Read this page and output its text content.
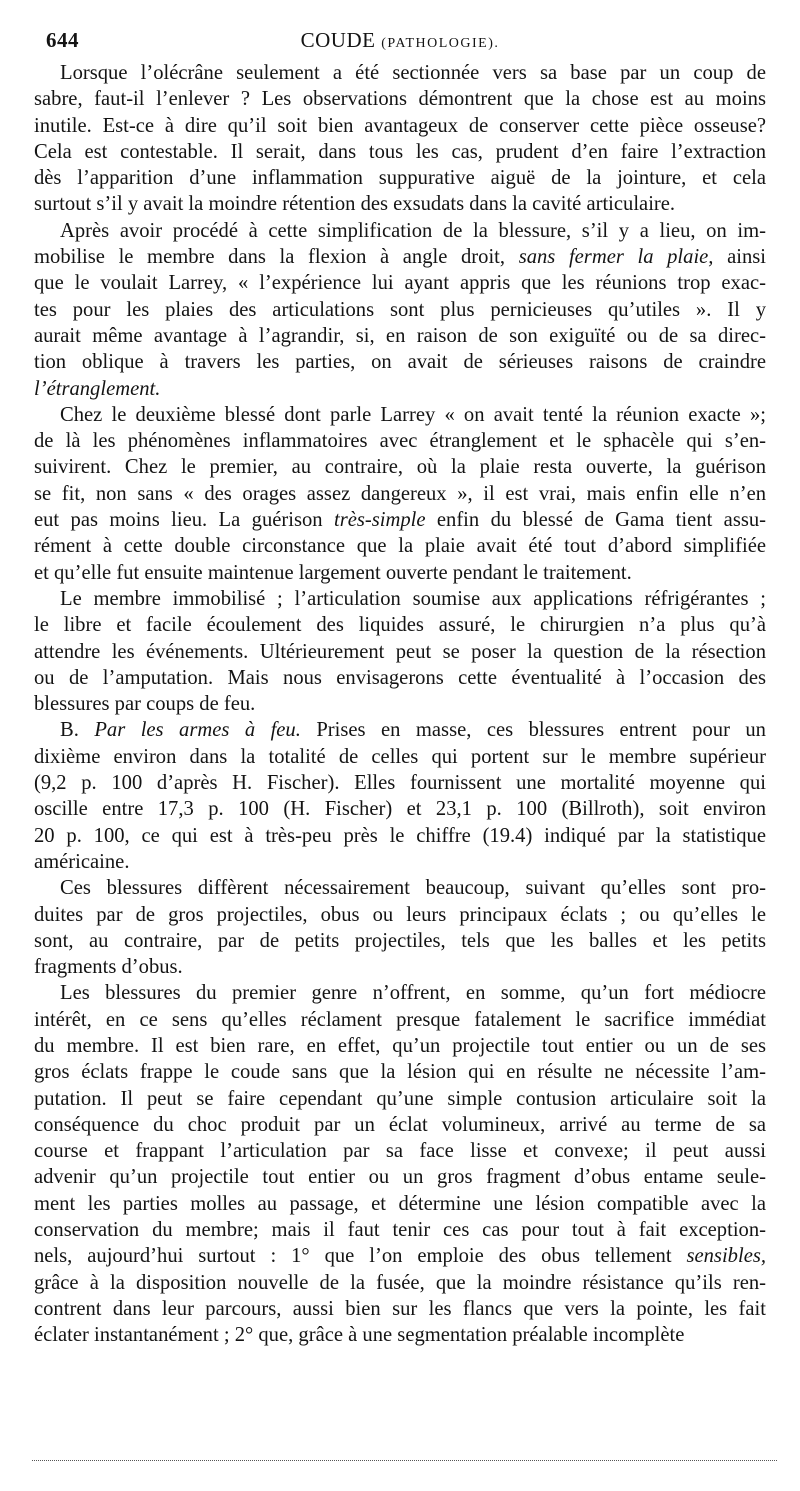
644	COUDE (PATHOLOGIE).
Lorsque l’olécrâne seulement a été sectionnée vers sa base par un coup de
sabre, faut-il l’enlever ? Les observations démontrent que la chose est au moins
inutile. Est-ce à dire qu’il soit bien avantageux de conserver cette pièce osseuse?
Cela est contestable. Il serait, dans tous les cas, prudent d’en faire l’extraction
dès l’apparition d’une inflammation suppurative aiguë de la jointure, et cela
surtout s’il y avait la moindre rétention des exsudats dans la cavité articulaire.
Après avoir procédé à cette simplification de la blessure, s’il y a lieu, on im-
mobilise le membre dans la flexion à angle droit, sans fermer la plaie, ainsi
que le voulait Larrey, « l’expérience lui ayant appris que les réunions trop exac-
tes pour les plaies des articulations sont plus pernicieuses qu’utiles ». Il y
aurait même avantage à l’agrandir, si, en raison de son exiguïté ou de sa direc-
tion oblique à travers les parties, on avait de sérieuses raisons de craindre
l’étranglement.
Chez le deuxième blessé dont parle Larrey « on avait tenté la réunion exacte »;
de là les phénomènes inflammatoires avec étranglement et le sphacèle qui s’en-
suivirent. Chez le premier, au contraire, où la plaie resta ouverte, la guérison
se fit, non sans « des orages assez dangereux », il est vrai, mais enfin elle n’en
eut pas moins lieu. La guérison très-simple enfin du blessé de Gama tient assu-
rément à cette double circonstance que la plaie avait été tout d’abord simplifiée
et qu’elle fut ensuite maintenue largement ouverte pendant le traitement.
Le membre immobilisé ; l’articulation soumise aux applications réfrigérantes ;
le libre et facile écoulement des liquides assuré, le chirurgien n’a plus qu’à
attendre les événements. Ultérieurement peut se poser la question de la résection
ou de l’amputation. Mais nous envisagerons cette éventualité à l’occasion des
blessures par coups de feu.
B. Par les armes à feu. Prises en masse, ces blessures entrent pour un
dixième environ dans la totalité de celles qui portent sur le membre supérieur
(9,2 p. 100 d’après H. Fischer). Elles fournissent une mortalité moyenne qui
oscille entre 17,3 p. 100 (H. Fischer) et 23,1 p. 100 (Billroth), soit environ
20 p. 100, ce qui est à très-peu près le chiffre (19.4) indiqué par la statistique
américaine.
Ces blessures diffèrent nécessairement beaucoup, suivant qu’elles sont pro-
duites par de gros projectiles, obus ou leurs principaux éclats ; ou qu’elles le
sont, au contraire, par de petits projectiles, tels que les balles et les petits
fragments d’obus.
Les blessures du premier genre n’offrent, en somme, qu’un fort médiocre
intérêt, en ce sens qu’elles réclament presque fatalement le sacrifice immédiat
du membre. Il est bien rare, en effet, qu’un projectile tout entier ou un de ses
gros éclats frappe le coude sans que la lésion qui en résulte ne nécessite l’am-
putation. Il peut se faire cependant qu’une simple contusion articulaire soit la
conséquence du choc produit par un éclat volumineux, arrivé au terme de sa
course et frappant l’articulation par sa face lisse et convexe; il peut aussi
advenir qu’un projectile tout entier ou un gros fragment d’obus entame seule-
ment les parties molles au passage, et détermine une lésion compatible avec la
conservation du membre; mais il faut tenir ces cas pour tout à fait exception-
nels, aujourd’hui surtout : 1° que l’on emploie des obus tellement sensibles,
grâce à la disposition nouvelle de la fusée, que la moindre résistance qu’ils ren-
contrent dans leur parcours, aussi bien sur les flancs que vers la pointe, les fait
éclater instantanément ; 2° que, grâce à une segmentation préalable incomplète
